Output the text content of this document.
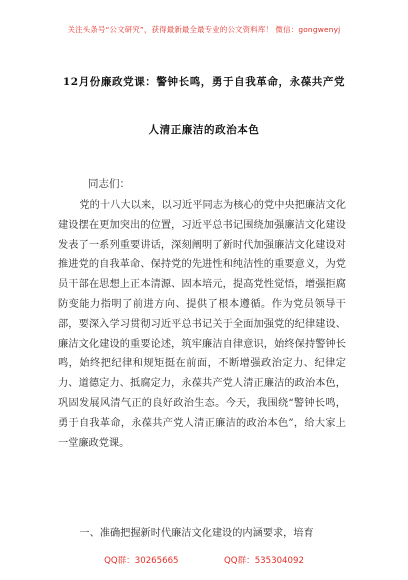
关注头条号“公文研究”，获得最新最全最专业的公文资料库！ 微信：gongwenyj
12月份廉政党课：警钟长鸣，勇于自我革命，永葆共产党
人清正廉洁的政治本色
同志们：
党的十八大以来，以习近平同志为核心的党中央把廉洁文化建设摆在更加突出的位置，习近平总书记围绕加强廉洁文化建设发表了一系列重要讲话，深刻阐明了新时代加强廉洁文化建设对推进党的自我革命、保持党的先进性和纯洁性的重要意义，为党员干部在思想上正本清源、固本培元，提高党性觉悟，增强拒腐防变能力指明了前进方向、提供了根本遵循。作为党员领导干部，要深入学习贯彻习近平总书记关于全面加强党的纪律建设、廉洁文化建设的重要论述，筑牢廉洁自律意识，始终保持警钟长鸣，始终把纪律和规矩挺在前面，不断增强政治定力、纪律定力、道德定力、抵腐定力，永葆共产党人清正廉洁的政治本色，巩固发展风清气正的良好政治生态。今天，我围绕“警钟长鸣，勇于自我革命，永葆共产党人清正廉洁的政治本色”，给大家上一堂廉政党课。
一、准确把握新时代廉洁文化建设的内涵要求，培育
QQ群：30265665	QQ群：535304092
